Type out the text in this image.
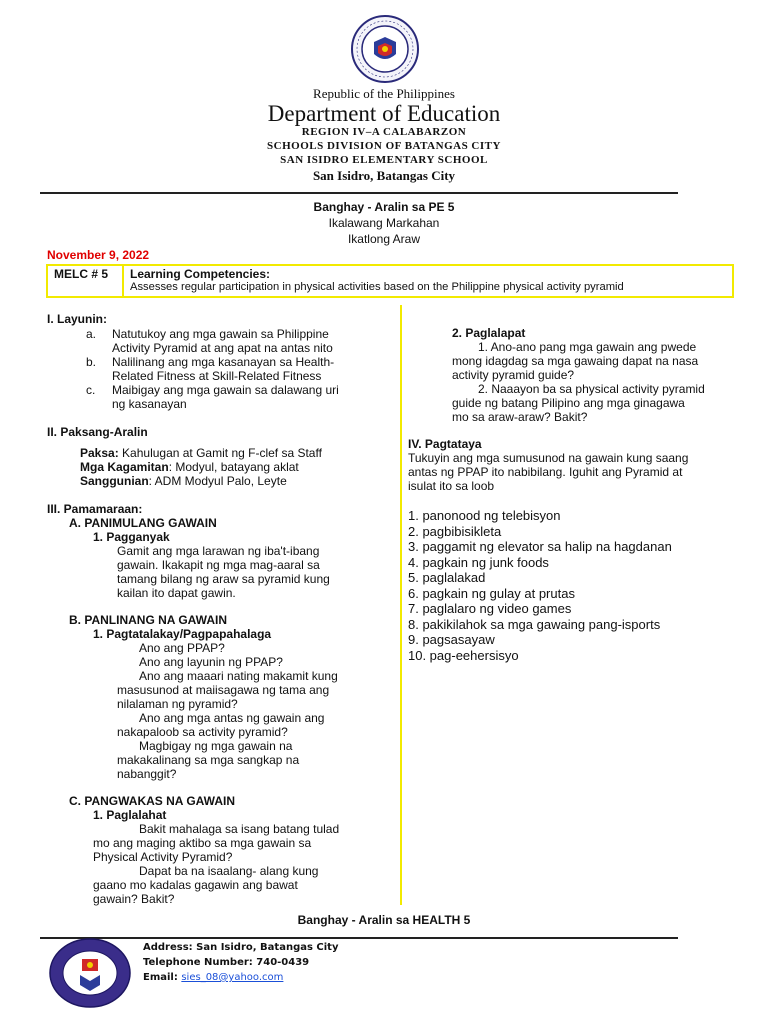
Republic of the Philippines
Department of Education
REGION IV–A CALABARZON
SCHOOLS DIVISION OF BATANGAS CITY
SAN ISIDRO ELEMENTARY SCHOOL
San Isidro, Batangas City
Banghay - Aralin sa PE 5
Ikalawang Markahan
Ikatlong Araw
November 9, 2022
MELC # 5 Learning Competencies:
Assesses regular participation in physical activities based on the Philippine physical activity pyramid
I. Layunin:
a.	Natutukoy ang mga gawain sa Philippine
Activity Pyramid at ang apat na antas nito
b.	Nalilinang ang mga kasanayan sa Health-
Related Fitness at Skill-Related Fitness
c.	Maibigay ang mga gawain sa dalawang uri
ng kasanayan
II. Paksang-Aralin
Paksa: Kahulugan at Gamit ng F-clef sa Staff
Mga Kagamitan: Modyul, batayang aklat
Sanggunian: ADM Modyul Palo, Leyte
III. Pamamaraan:
A. PANIMULANG GAWAIN
1. Pagganyak
Gamit ang mga larawan ng iba't-ibang
gawain. Ikakapit ng mga mag-aaral sa
tamang bilang ng araw sa pyramid kung
kailan ito dapat gawin.
B. PANLINANG NA GAWAIN
1. Pagtatalakay/Pagpapahalaga
Ano ang PPAP?
Ano ang layunin ng PPAP?
Ano ang maaari nating makamit kung
masusunod at maiisagawa ng tama ang
nilalaman ng pyramid?
Ano ang mga antas ng gawain ang
nakapaloob sa activity pyramid?
Magbigay ng mga gawain na
makakalinang sa mga sangkap na
nabanggit?
C. PANGWAKAS NA GAWAIN
1. Paglalahat
Bakit mahalaga sa isang batang tulad
mo ang maging aktibo sa mga gawain sa
Physical Activity Pyramid?
Dapat ba na isaalang- alang kung
gaano mo kadalas gagawin ang bawat
gawain? Bakit?
2. Paglalapat
1. Ano-ano pang mga gawain ang pwede
mong idagdag sa mga gawaing dapat na nasa
activity pyramid guide?
2. Naaayon ba sa physical activity pyramid
guide ng batang Pilipino ang mga ginagawa
mo sa araw-araw? Bakit?
IV. Pagtataya
Tukuyin ang mga sumusunod na gawain kung saang
antas ng PPAP ito nabibilang. Iguhit ang Pyramid at
isulat ito sa loob
1. panonood ng telebisyon
2. pagbibisikleta
3. paggamit ng elevator sa halip na hagdanan
4. pagkain ng junk foods
5. paglalakad
6. pagkain ng gulay at prutas
7. paglalaro ng video games
8. pakikilahok sa mga gawaing pang-isports
9. pagsasayaw
10. pag-eehersisyo
Banghay - Aralin sa HEALTH 5
Address: San Isidro, Batangas City
Telephone Number: 740-0439
Email: sies_08@yahoo.com
